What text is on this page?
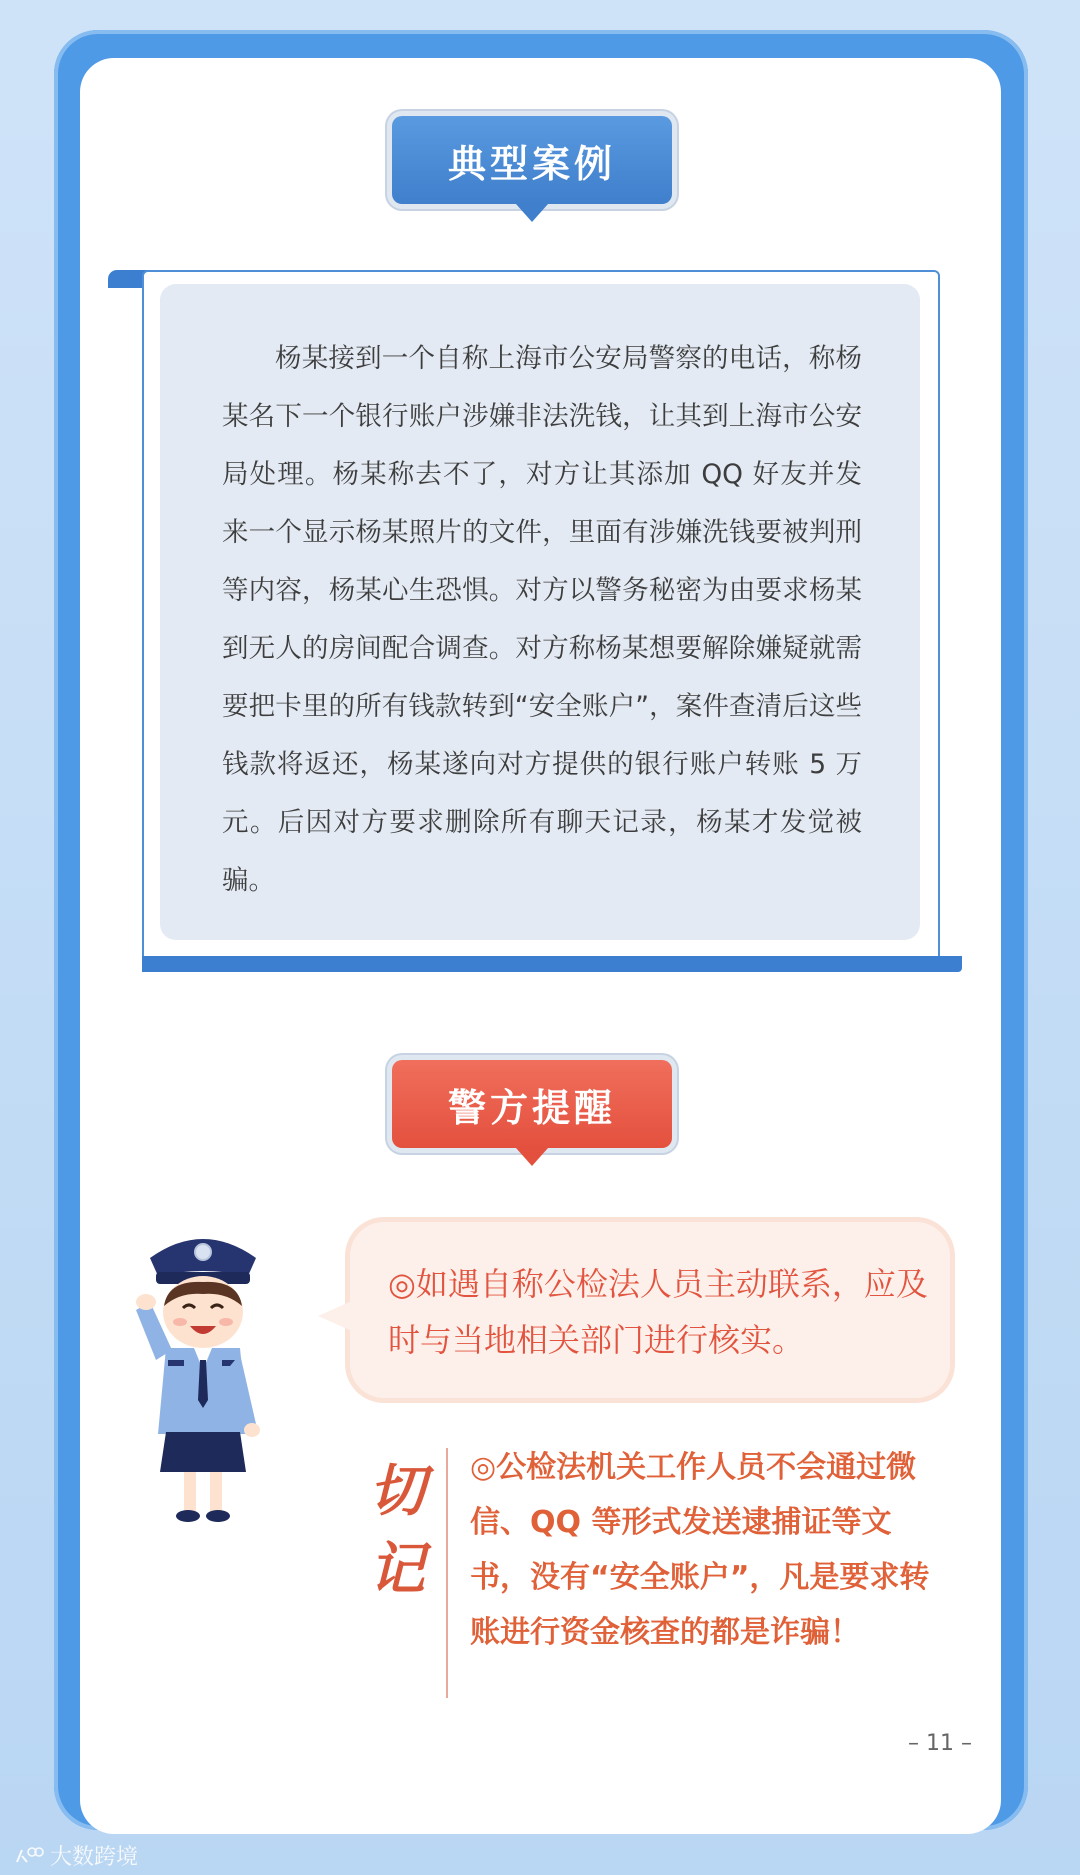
典型案例

杨某接到一个自称上海市公安局警察的电话，称杨某名下一个银行账户涉嫌非法洗钱，让其到上海市公安局处理。杨某称去不了，对方让其添加 QQ 好友并发来一个显示杨某照片的文件，里面有涉嫌洗钱要被判刑等内容，杨某心生恐惧。对方以警务秘密为由要求杨某到无人的房间配合调查。对方称杨某想要解除嫌疑就需要把卡里的所有钱款转到“安全账户”，案件查清后这些钱款将返还，杨某遂向对方提供的银行账户转账 5 万元。后因对方要求删除所有聊天记录，杨某才发觉被骗。

警方提醒

◎如遇自称公检法人员主动联系，应及时与当地相关部门进行核实。

切记

◎公检法机关工作人员不会通过微信、QQ 等形式发送逮捕证等文书，没有“安全账户”，凡是要求转账进行资金核查的都是诈骗！

– 11 –
大数跨境
